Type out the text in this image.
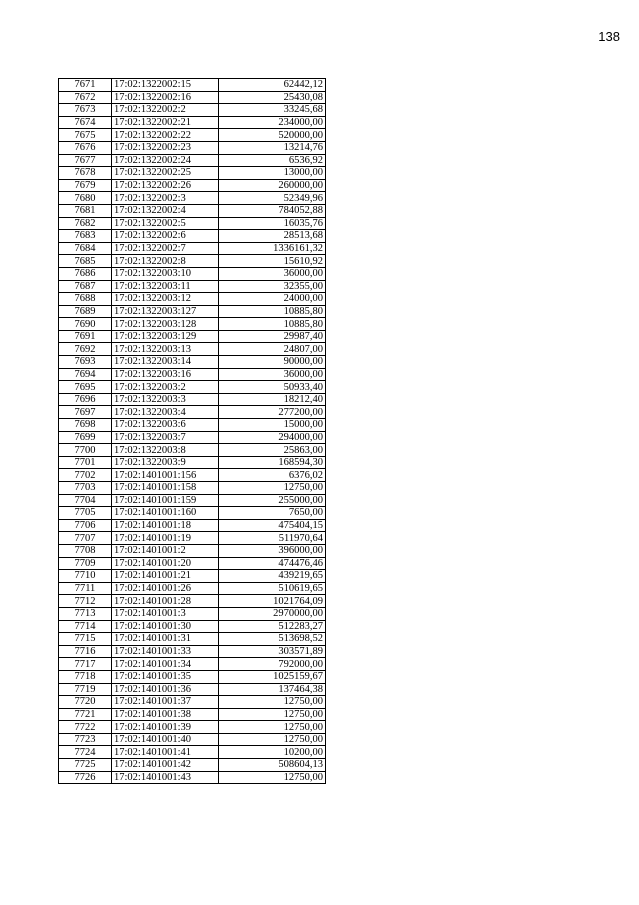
138
7671	17:02:1322002:15	62442,12
7672	17:02:1322002:16	25430,08
7673	17:02:1322002:2	33245,68
7674	17:02:1322002:21	234000,00
7675	17:02:1322002:22	520000,00
7676	17:02:1322002:23	13214,76
7677	17:02:1322002:24	6536,92
7678	17:02:1322002:25	13000,00
7679	17:02:1322002:26	260000,00
7680	17:02:1322002:3	52349,96
7681	17:02:1322002:4	784052,88
7682	17:02:1322002:5	16035,76
7683	17:02:1322002:6	28513,68
7684	17:02:1322002:7	1336161,32
7685	17:02:1322002:8	15610,92
7686	17:02:1322003:10	36000,00
7687	17:02:1322003:11	32355,00
7688	17:02:1322003:12	24000,00
7689	17:02:1322003:127	10885,80
7690	17:02:1322003:128	10885,80
7691	17:02:1322003:129	29987,40
7692	17:02:1322003:13	24807,00
7693	17:02:1322003:14	90000,00
7694	17:02:1322003:16	36000,00
7695	17:02:1322003:2	50933,40
7696	17:02:1322003:3	18212,40
7697	17:02:1322003:4	277200,00
7698	17:02:1322003:6	15000,00
7699	17:02:1322003:7	294000,00
7700	17:02:1322003:8	25863,00
7701	17:02:1322003:9	168594,30
7702	17:02:1401001:156	6376,02
7703	17:02:1401001:158	12750,00
7704	17:02:1401001:159	255000,00
7705	17:02:1401001:160	7650,00
7706	17:02:1401001:18	475404,15
7707	17:02:1401001:19	511970,64
7708	17:02:1401001:2	396000,00
7709	17:02:1401001:20	474476,46
7710	17:02:1401001:21	439219,65
7711	17:02:1401001:26	510619,65
7712	17:02:1401001:28	1021764,09
7713	17:02:1401001:3	2970000,00
7714	17:02:1401001:30	512283,27
7715	17:02:1401001:31	513698,52
7716	17:02:1401001:33	303571,89
7717	17:02:1401001:34	792000,00
7718	17:02:1401001:35	1025159,67
7719	17:02:1401001:36	137464,38
7720	17:02:1401001:37	12750,00
7721	17:02:1401001:38	12750,00
7722	17:02:1401001:39	12750,00
7723	17:02:1401001:40	12750,00
7724	17:02:1401001:41	10200,00
7725	17:02:1401001:42	508604,13
7726	17:02:1401001:43	12750,00
